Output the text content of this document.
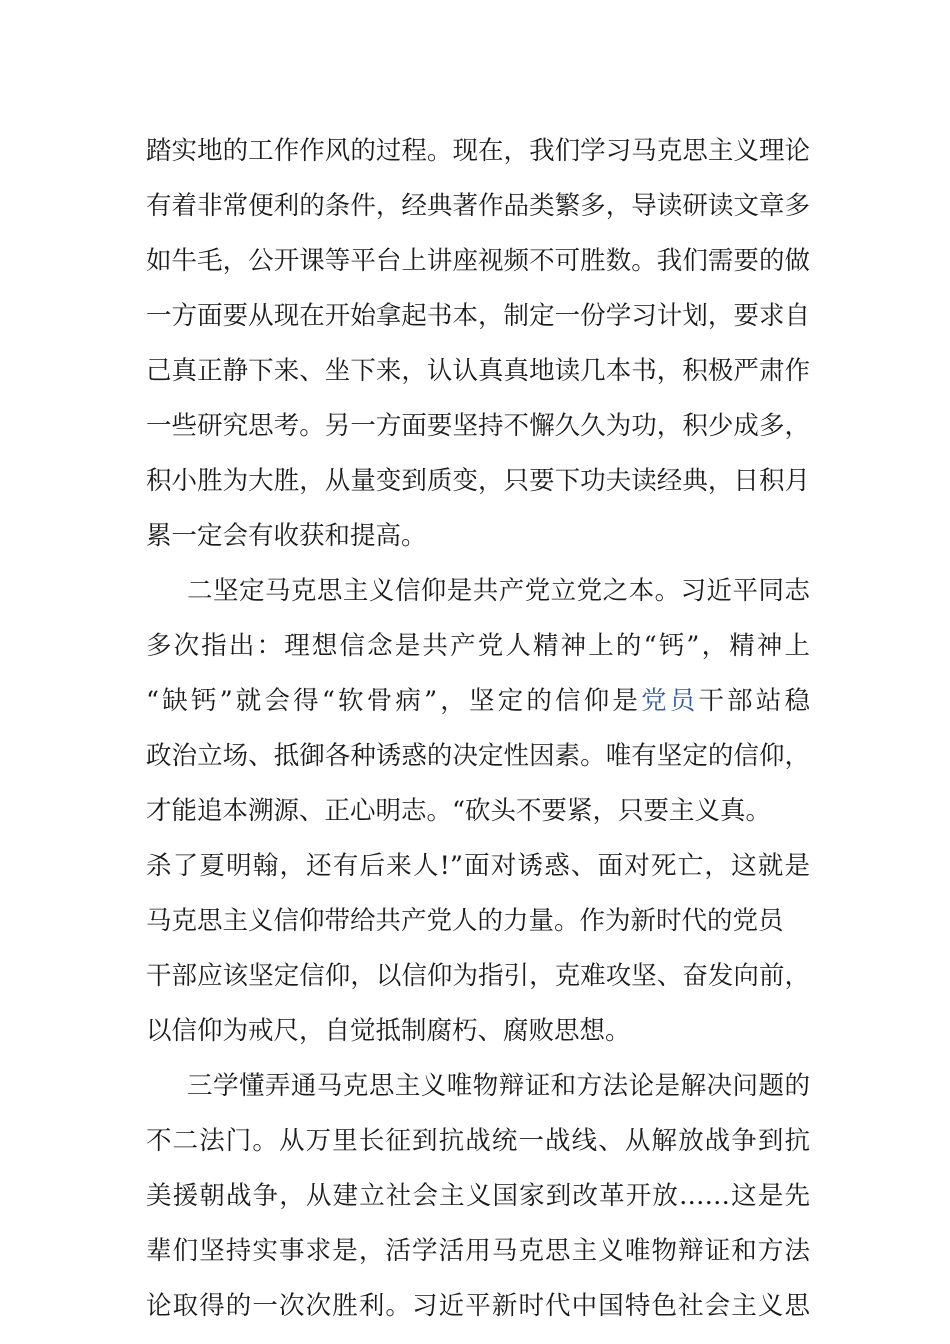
踏实地的工作作风的过程。现在，我们学习马克思主义理论
有着非常便利的条件，经典著作品类繁多，导读研读文章多
如牛毛，公开课等平台上讲座视频不可胜数。我们需要的做
一方面要从现在开始拿起书本，制定一份学习计划，要求自
己真正静下来、坐下来，认认真真地读几本书，积极严肃作
一些研究思考。另一方面要坚持不懈久久为功，积少成多，
积小胜为大胜，从量变到质变，只要下功夫读经典，日积月
累一定会有收获和提高。
二坚定马克思主义信仰是共产党立党之本。习近平同志
多次指出：理想信念是共产党人精神上的“钙”，精神上
“缺钙”就会得“软骨病”，坚定的信仰是党员干部站稳
政治立场、抵御各种诱惑的决定性因素。唯有坚定的信仰，
才能追本溯源、正心明志。“砍头不要紧，只要主义真。
杀了夏明翰，还有后来人!”面对诱惑、面对死亡，这就是
马克思主义信仰带给共产党人的力量。作为新时代的党员
干部应该坚定信仰，以信仰为指引，克难攻坚、奋发向前，
以信仰为戒尺，自觉抵制腐朽、腐败思想。
三学懂弄通马克思主义唯物辩证和方法论是解决问题的
不二法门。从万里长征到抗战统一战线、从解放战争到抗
美援朝战争，从建立社会主义国家到改革开放……这是先
辈们坚持实事求是，活学活用马克思主义唯物辩证和方法
论取得的一次次胜利。习近平新时代中国特色社会主义思
